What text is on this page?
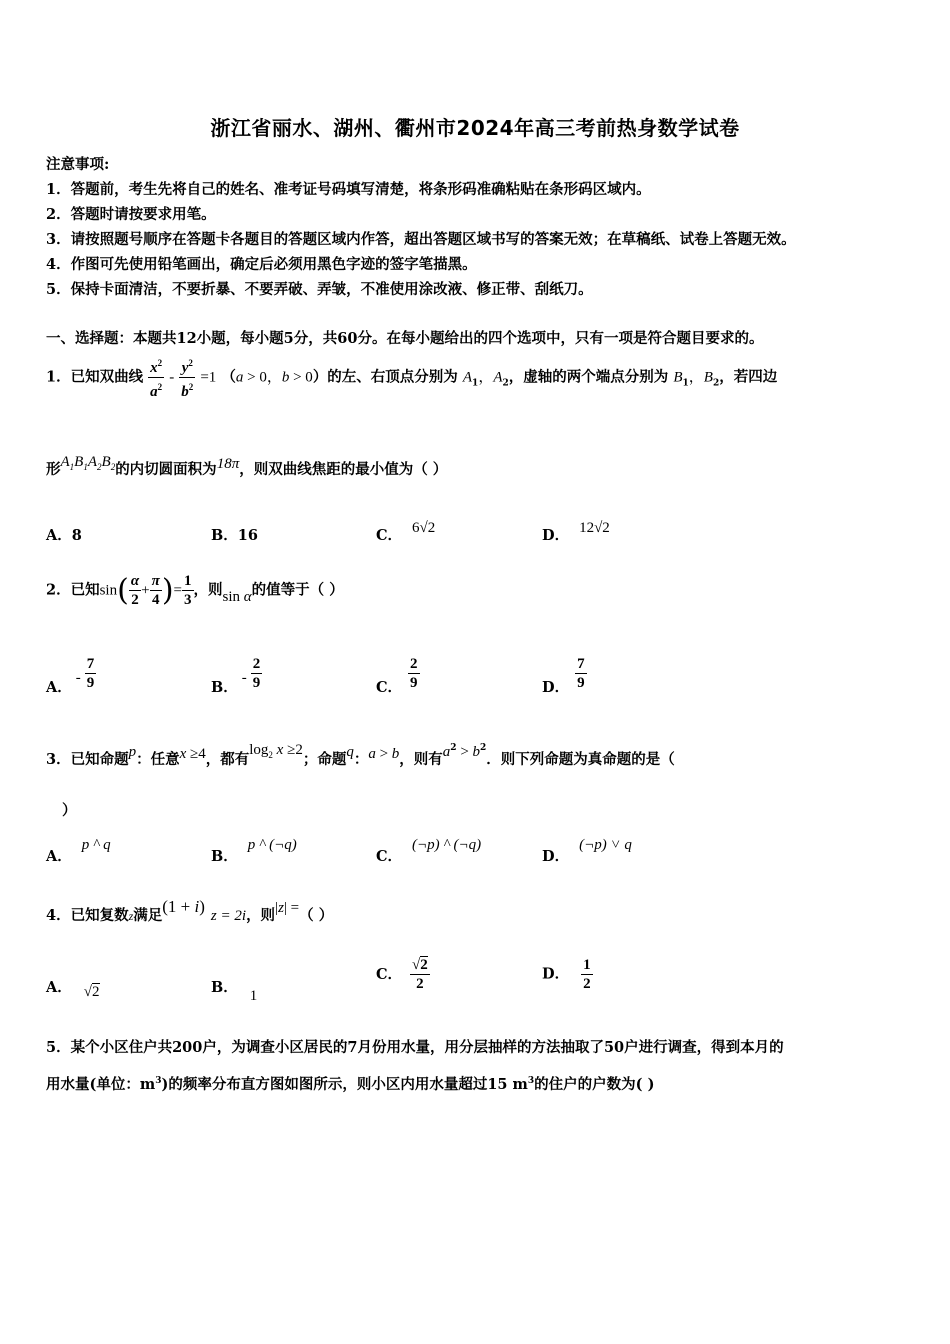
浙江省丽水、湖州、衢州市2024年高三考前热身数学试卷
注意事项:
1．答题前，考生先将自己的姓名、准考证号码填写清楚，将条形码准确粘贴在条形码区域内。
2．答题时请按要求用笔。
3．请按照题号顺序在答题卡各题目的答题区域内作答，超出答题区域书写的答案无效；在草稿纸、试卷上答题无效。
4．作图可先使用铅笔画出，确定后必须用黑色字迹的签字笔描黑。
5．保持卡面清洁，不要折暴、不要弄破、弄皱，不准使用涂改液、修正带、刮纸刀。
一、选择题：本题共12小题，每小题5分，共60分。在每小题给出的四个选项中，只有一项是符合题目要求的。
1．已知双曲线 $\frac{x^2}{a^2} - \frac{y^2}{b^2} =1$ （a > 0，b > 0）的左、右顶点分别为 $A_1$，$A_2$，虚轴的两个端点分别为 $B_1$，$B_2$，若四边
形$A_1B_1A_2B_2$的内切圆面积为18π，则双曲线焦距的最小值为（ ）
A．8	B．16	C． 6√2	D． 12√2
2．已知$\sin( \frac{\alpha}{2} + \frac{\pi}{4}$ )= $\frac{1}{3}$ ，则sin α的值等于（ ）
A．- $\frac{7}{9}$	B．- $\frac{2}{9}$	C． $\frac{2}{9}$	D． $\frac{7}{9}$
3．已知命题p：任意x ≥4，都有$\log_2 x \ge 2$；命题q：a > b，则有$a^2 > b^2$．则下列命题为真命题的是（
）
A．p ^ q
B．p ^ (¬q)
C．(¬p) ^ (¬q)
D．(¬p) ˅ q
4．已知复数z满足(1 + i) z = 2i，则|z| =（ ）
A． √2	B． 1
C． $\frac{√2}{2}$	D． $\frac{1}{2}$
5．某个小区住户共200户，为调查小区居民的7月份用水量，用分层抽样的方法抽取了50户进行调查，得到本月的
用水量(单位：$m^3$)的频率分布直方图如图所示，则小区内用水量超过15 $m^3$的住户的户数为( )
